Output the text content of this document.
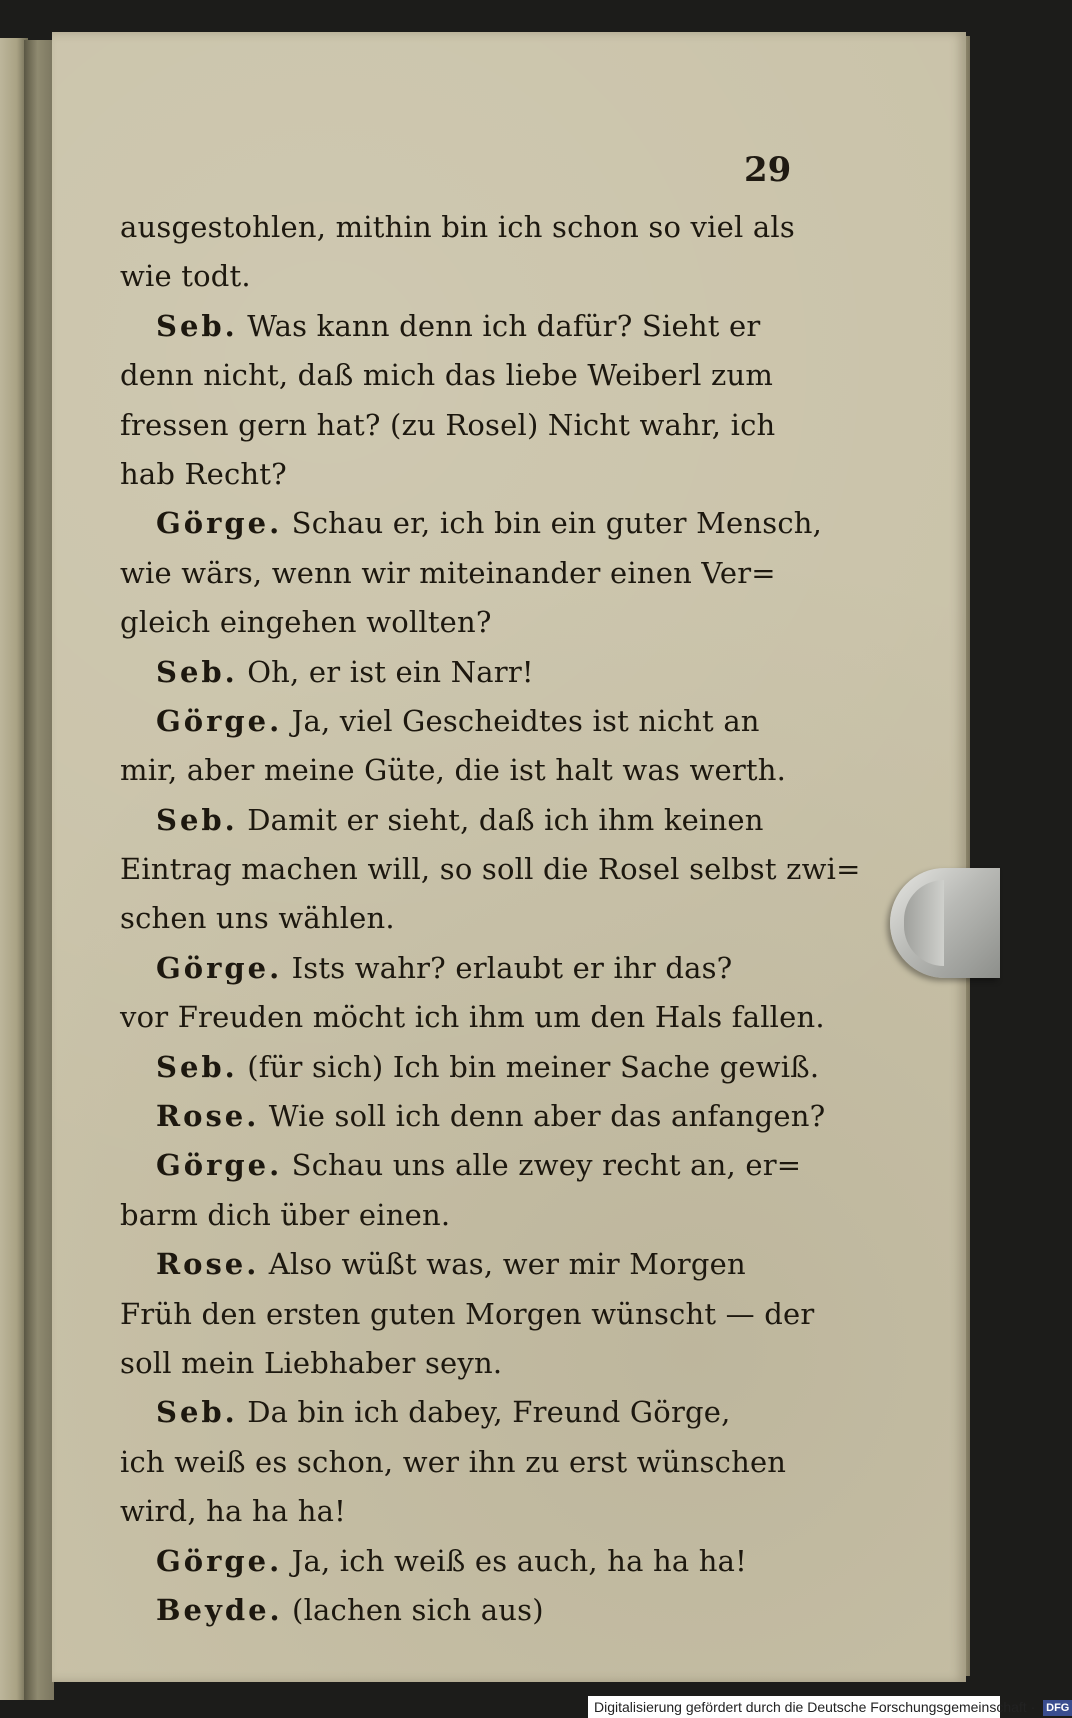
29
ausgestohlen, mithin bin ich schon so viel als
wie todt.
Seb. Was kann denn ich dafür? Sieht er
denn nicht, daß mich das liebe Weiberl zum
fressen gern hat? (zu Rosel) Nicht wahr, ich
hab Recht?
Görge. Schau er, ich bin ein guter Mensch,
wie wärs, wenn wir miteinander einen Ver=
gleich eingehen wollten?
Seb. Oh, er ist ein Narr!
Görge. Ja, viel Gescheidtes ist nicht an
mir, aber meine Güte, die ist halt was werth.
Seb. Damit er sieht, daß ich ihm keinen
Eintrag machen will, so soll die Rosel selbst zwi=
schen uns wählen.
Görge. Ists wahr? erlaubt er ihr das?
vor Freuden möcht ich ihm um den Hals fallen.
Seb. (für sich) Ich bin meiner Sache gewiß.
Rose. Wie soll ich denn aber das anfangen?
Görge. Schau uns alle zwey recht an, er=
barm dich über einen.
Rose. Also wüßt was, wer mir Morgen
Früh den ersten guten Morgen wünscht — der
soll mein Liebhaber seyn.
Seb. Da bin ich dabey, Freund Görge,
ich weiß es schon, wer ihn zu erst wünschen
wird, ha ha ha!
Görge. Ja, ich weiß es auch, ha ha ha!
Beyde. (lachen sich aus)
Digitalisierung gefördert durch die Deutsche Forschungsgemeinschaft · DFG
